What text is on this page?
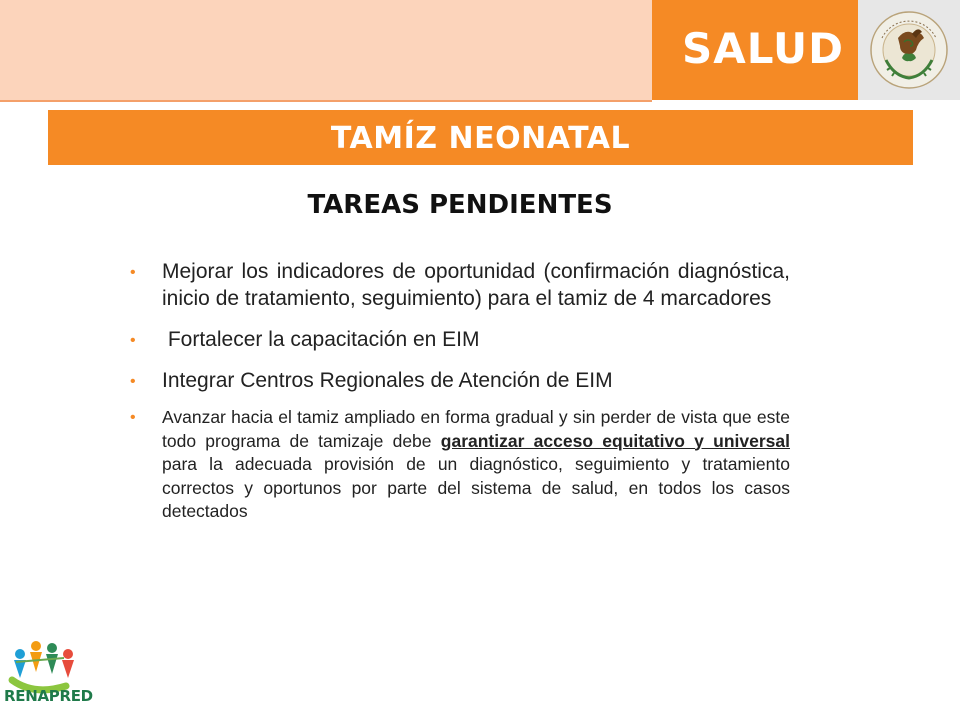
SALUD
TAMÍZ NEONATAL
TAREAS PENDIENTES
• Mejorar los indicadores de oportunidad (confirmación diagnóstica, inicio de tratamiento, seguimiento) para el tamiz de 4 marcadores
• Fortalecer la capacitación en EIM
• Integrar Centros Regionales de Atención de EIM
• Avanzar hacia el tamiz ampliado en forma gradual y sin perder de vista que este todo programa de tamizaje debe garantizar acceso equitativo y universal para la adecuada provisión de un diagnóstico, seguimiento y tratamiento correctos y oportunos por parte del sistema de salud, en todos los casos detectados
RENAPRED
